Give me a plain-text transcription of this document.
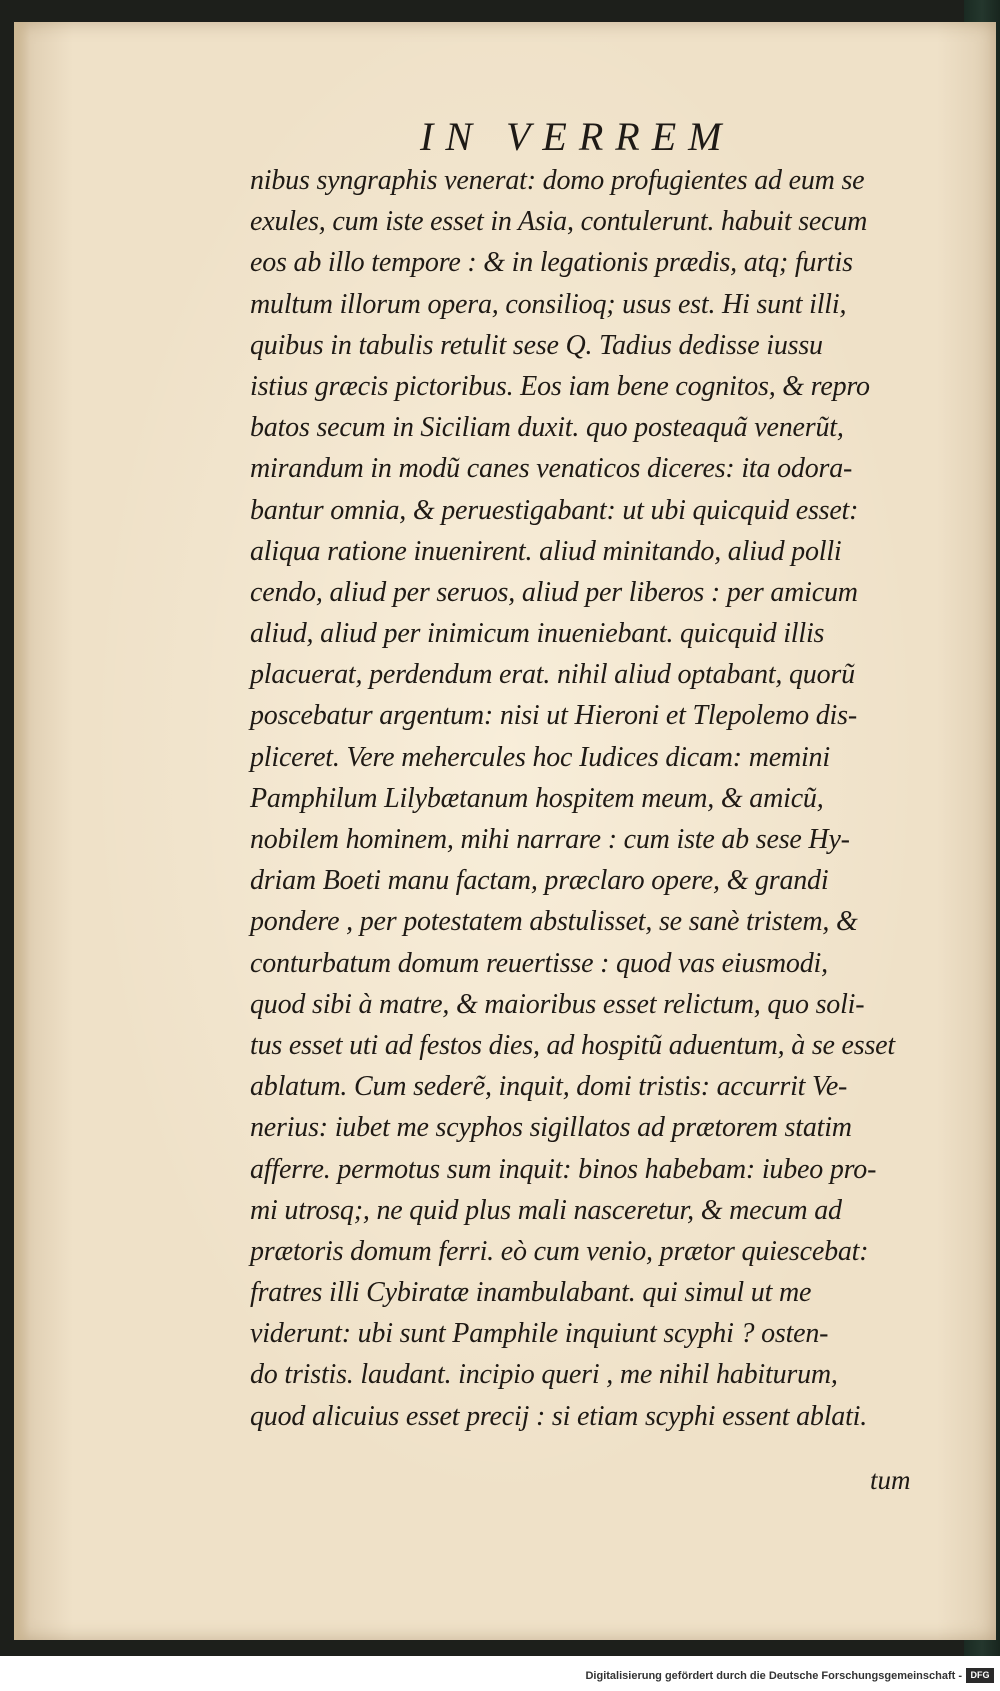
IN VERREM
nibus syngraphis venerat: domo profugientes ad eum se
exules, cum iste esset in Asia, contulerunt. habuit secum
eos ab illo tempore : & in legationis prædis, atq; furtis
multum illorum opera, consilioq; usus est. Hi sunt illi,
quibus in tabulis retulit sese Q. Tadius dedisse iussu
istius græcis pictoribus. Eos iam bene cognitos, & repro
batos secum in Siciliam duxit. quo posteaquã venerũt,
mirandum in modũ canes venaticos diceres: ita odora-
bantur omnia, & peruestigabant: ut ubi quicquid esset:
aliqua ratione inuenirent. aliud minitando, aliud polli
cendo, aliud per seruos, aliud per liberos : per amicum
aliud, aliud per inimicum inueniebant. quicquid illis
placuerat, perdendum erat. nihil aliud optabant, quorũ
poscebatur argentum: nisi ut Hieroni et Tlepolemo dis-
pliceret. Vere mehercules hoc Iudices dicam: memini
Pamphilum Lilybætanum hospitem meum, & amicũ,
nobilem hominem, mihi narrare : cum iste ab sese Hy-
driam Boeti manu factam, præclaro opere, & grandi
pondere , per potestatem abstulisset, se sanè tristem, &
conturbatum domum reuertisse : quod vas eiusmodi,
quod sibi à matre, & maioribus esset relictum, quo soli-
tus esset uti ad festos dies, ad hospitũ aduentum, à se esset
ablatum. Cum sederẽ, inquit, domi tristis: accurrit Ve-
nerius: iubet me scyphos sigillatos ad prætorem statim
afferre. permotus sum inquit: binos habebam: iubeo pro-
mi utrosq;, ne quid plus mali nasceretur, & mecum ad
prætoris domum ferri. eò cum venio, prætor quiescebat:
fratres illi Cybiratæ inambulabant. qui simul ut me
viderunt: ubi sunt Pamphile inquiunt scyphi ? osten-
do tristis. laudant. incipio queri , me nihil habiturum,
quod alicuius esset precij : si etiam scyphi essent ablati.
tum
Digitalisierung gefördert durch die Deutsche Forschungsgemeinschaft - DFG
